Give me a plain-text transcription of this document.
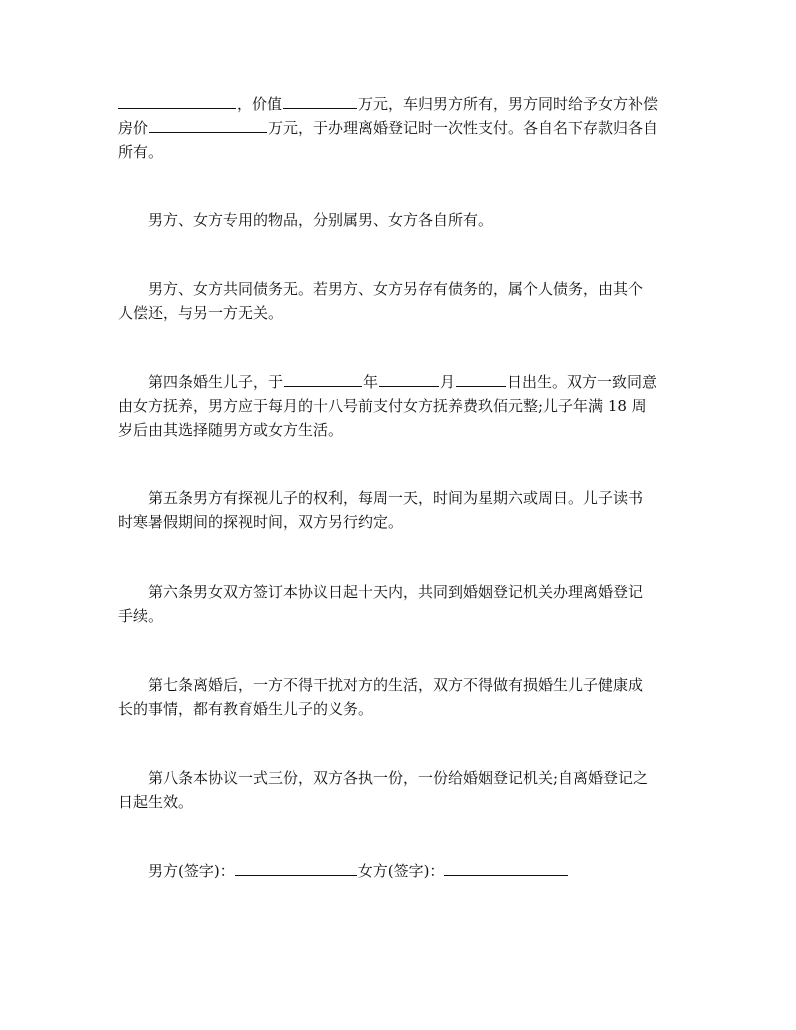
，价值	万元，车归男方所有，男方同时给予女方补偿
房价	万元，于办理离婚登记时一次性支付。各自名下存款归各自
所有。
男方、女方专用的物品，分别属男、女方各自所有。
男方、女方共同债务无。若男方、女方另存有债务的，属个人债务，由其个
人偿还，与另一方无关。
第四条婚生儿子，于	年	月	日出生。双方一致同意
由女方抚养，男方应于每月的十八号前支付女方抚养费玖佰元整;儿子年满 18 周
岁后由其选择随男方或女方生活。
第五条男方有探视儿子的权利，每周一天，时间为星期六或周日。儿子读书
时寒暑假期间的探视时间，双方另行约定。
第六条男女双方签订本协议日起十天内，共同到婚姻登记机关办理离婚登记
手续。
第七条离婚后，一方不得干扰对方的生活，双方不得做有损婚生儿子健康成
长的事情，都有教育婚生儿子的义务。
第八条本协议一式三份，双方各执一份，一份给婚姻登记机关;自离婚登记之
日起生效。
男方(签字)：	女方(签字)：
